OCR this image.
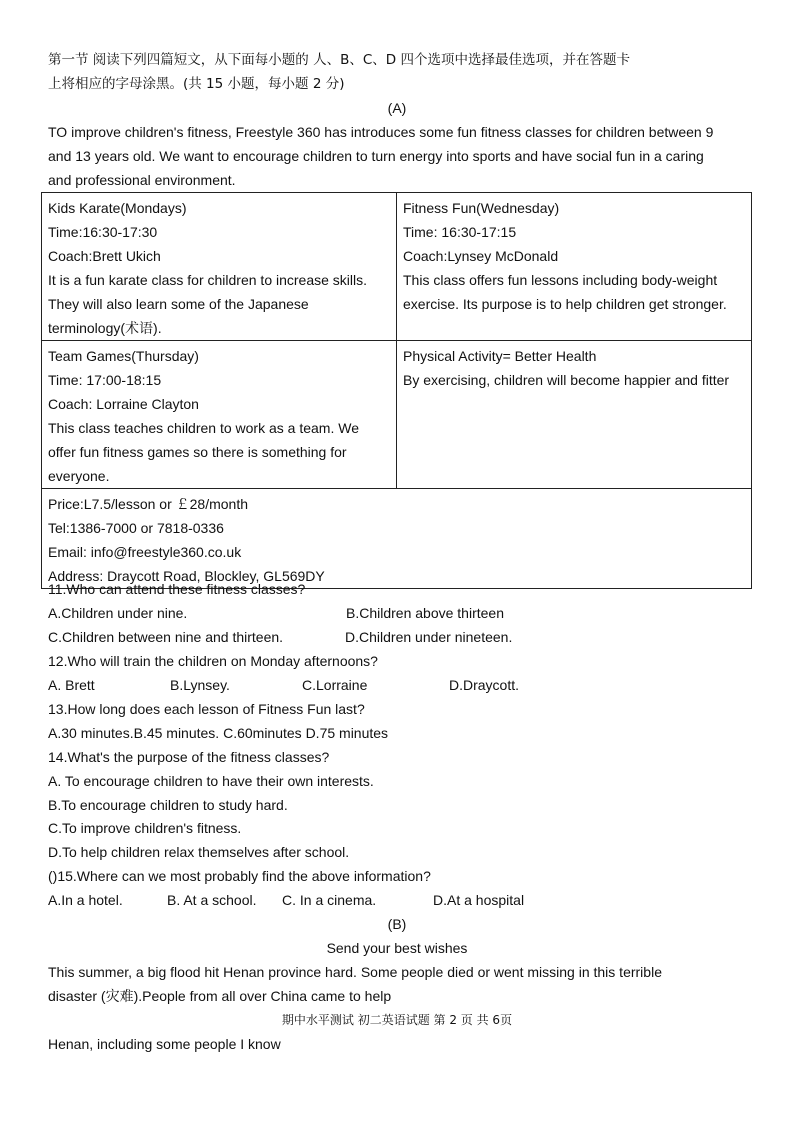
第一节 阅读下列四篇短文，从下面每小题的 人、B、C、D 四个选项中选择最佳选项，并在答题卡
上将相应的字母涂黑。(共 15 小题，每小题 2 分)
(A)
TO improve children's fitness, Freestyle 360 has introduces some fun fitness classes for children between 9
and 13 years old. We want to encourage children to turn energy into sports and have social fun in a caring
and professional environment.
Kids Karate(Mondays)
Time:16:30-17:30
Coach:Brett Ukich
It is a fun karate class for children to increase skills. They will also learn some of the Japanese terminology(术语).	Fitness Fun(Wednesday)
Time: 16:30-17:15
Coach:Lynsey McDonald
This class offers fun lessons including body-weight exercise. Its purpose is to help children get stronger.

Team Games(Thursday)
Time: 17:00-18:15
Coach: Lorraine Clayton
This class teaches children to work as a team. We offer fun fitness games so there is something for everyone.	Physical Activity= Better Health
By exercising, children will become happier and fitter

Price:L7.5/lesson or ￡28/month
Tel:1386-7000 or 7818-0336
Email: info@freestyle360.co.uk
Address: Draycott Road, Blockley, GL569DY	
11.Who can attend these fitness classes?
A.Children under nine.	B.Children above thirteen
C.Children between nine and thirteen.	D.Children under nineteen.
12.Who will train the children on Monday afternoons?
A. Brett	B.Lynsey.	C.Lorraine	D.Draycott.
13.How long does each lesson of Fitness Fun last?
A.30 minutes.B.45 minutes. C.60minutes D.75 minutes
14.What's the purpose of the fitness classes?
A. To encourage children to have their own interests.
B.To encourage children to study hard.
C.To improve children's fitness.
D.To help children relax themselves after school.
()15.Where can we most probably find the above information?
A.In a hotel.	B. At a school. C. In a cinema.	D.At a hospital
(B)
Send your best wishes
This summer, a big flood hit Henan province hard. Some people died or went missing in this terrible
disaster (灾难).People from all over China came to help
期中水平测试 初二英语试题 第 2 页 共 6页
Henan, including some people I know
